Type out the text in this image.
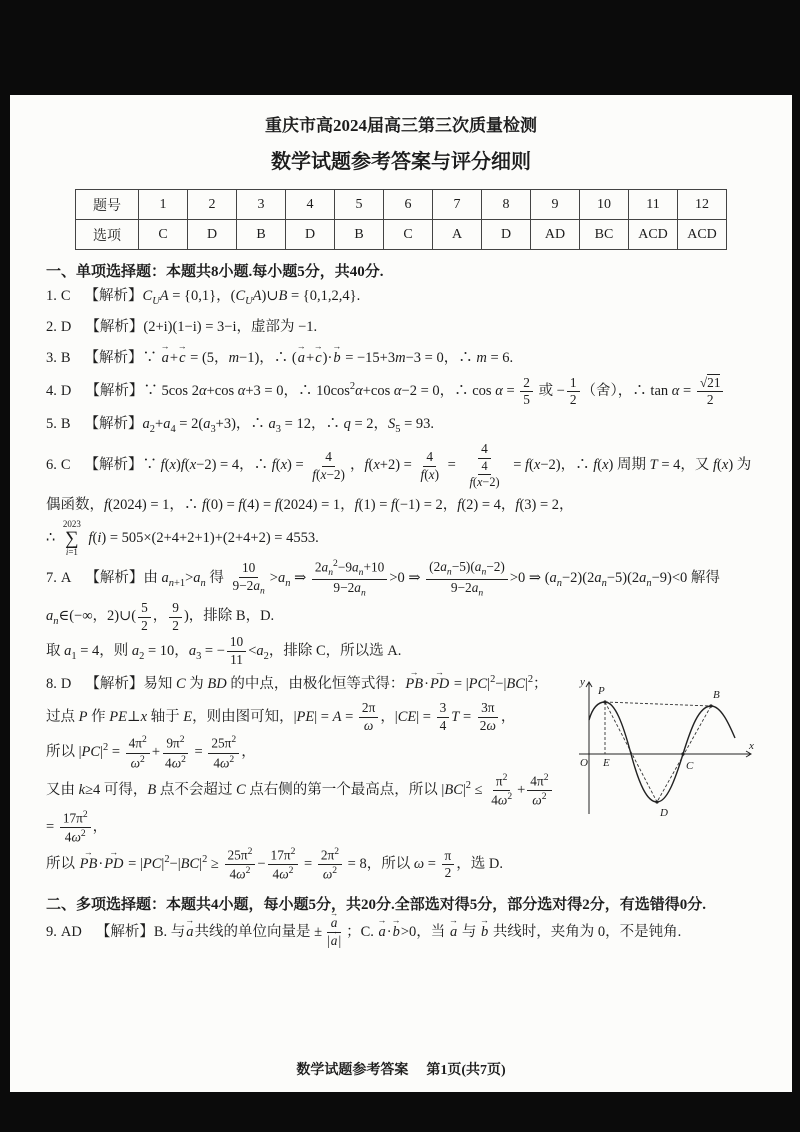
重庆市高2024届高三第三次质量检测
数学试题参考答案与评分细则
题号	1	2	3	4	5	6	7	8	9	10	11	12
选项	C	D	B	D	B	C	A	D	AD	BC	ACD	ACD
一、单项选择题：本题共8小题.每小题5分，共40分.
1. C 【解析】$C_UA = \{0,1\}$，$(C_UA)\cup B = \{0,1,2,4\}$.
2. D 【解析】(2+i)(1−i) = 3−i，虚部为 −1.
3. B 【解析】∵ a →+c → = (5，m−1)，∴ (a →+c →)·b → = −15+3m−3 = 0，∴ m = 6.
4. D 【解析】∵ 5cos 2α+cos α+3 = 0，∴ $10\cos^2\alpha+\cos$ α−2 = 0，∴ $\cos \alpha = \frac{2}{5}$ 或 − $\frac{1}{2}$ （舍），∴ $\tan \alpha = \frac{√21}{2}$
5. B 【解析】$a_2+a_4 = 2(a_3+3)$，∴ $a_3 = 12$，∴ q = 2，$S_5 = 93$.
6. C 【解析】∵ f(x)f(x−2) = 4，∴ $f(x) = \frac{4}{f(x-2)}$ ，$f(x+2) = \frac{4}{f(x)} = \frac{4}{\frac{4}{f(x-2)}} = f(x-2)$，∴ f(x) 周期 T = 4，又 f(x) 为偶函数，f(2024) = 1，∴ f(0) = f(4) = f(2024) = 1，f(1) = f(−1) = 2，f(2) = 4，f(3) = 2，
∴
2023
∑
i=1
f(i) = 505×(2+4+2+1)+(2+4+2) = 4553.
7. A 【解析】由 $a_{n+1}>a_n$ 得 $\frac{10}{9-2a_n} >a_n$ ⇒ $\frac{2a_n^2-9a_n+10}{9-2a_n} >0$ ⇒ $\frac{(2a_n-5)(a_n-2)}{9-2a_n} >0$ ⇒ $(a_n-2)(2a_n-5)(2a_n-9)<0$ 解得 $a_n\in(-\infty$，2)∪( $\frac{5}{2}$ ， $\frac{9}{2}$ )，排除 B，D.
取 $a_1 = 4$，则 $a_2 = 10$，$a_3$ = − $\frac{10}{11} <a_2$，排除 C，所以选 A.
y
x
O E
P	B
C
D
8. D 【解析】易知 C 为 BD 的中点，由极化恒等式得：PB →·PD → = $|PC|^2-|BC|^2$；
过点 P 作 PE⊥x 轴于 E，则由图可知，$|PE| = A = \frac{2\pi}{\omega}$ ，$|CE| = \frac{3}{4}$ $T = \frac{3\pi}{2\omega}$ ，
所以 $|PC|^2 = \frac{4\pi^2}{\omega^2} + \frac{9\pi^2}{4\omega^2} = \frac{25\pi^2}{4\omega^2}$ ，
又由 k≥4 可得，B 点不会超过 C 点右侧的第一个最高点，所以 $|BC|^2 \le \frac{\pi^2}{4\omega^2} + \frac{4\pi^2}{\omega^2}$
= $\frac{17\pi^2}{4\omega^2}$ ，
所以 PB →·PD → = $|PC|^2-|BC|^2 \ge \frac{25\pi^2}{4\omega^2} - \frac{17\pi^2}{4\omega^2} = \frac{2\pi^2}{\omega^2} = 8$，所以 $\omega = \frac{\pi}{2}$ ，选 D.
二、多项选择题：本题共4小题，每小题5分，共20分.全部选对得5分，部分选对得2分，有选错得0分.
9. AD 【解析】B. 与a →共线的单位向量是 ± $\frac{a \to}{|a \to|}$ ；C. a →·b →>0，当 a → 与 b → 共线时，夹角为 0，不是钝角.
数学试题参考答案 第1页(共7页)
